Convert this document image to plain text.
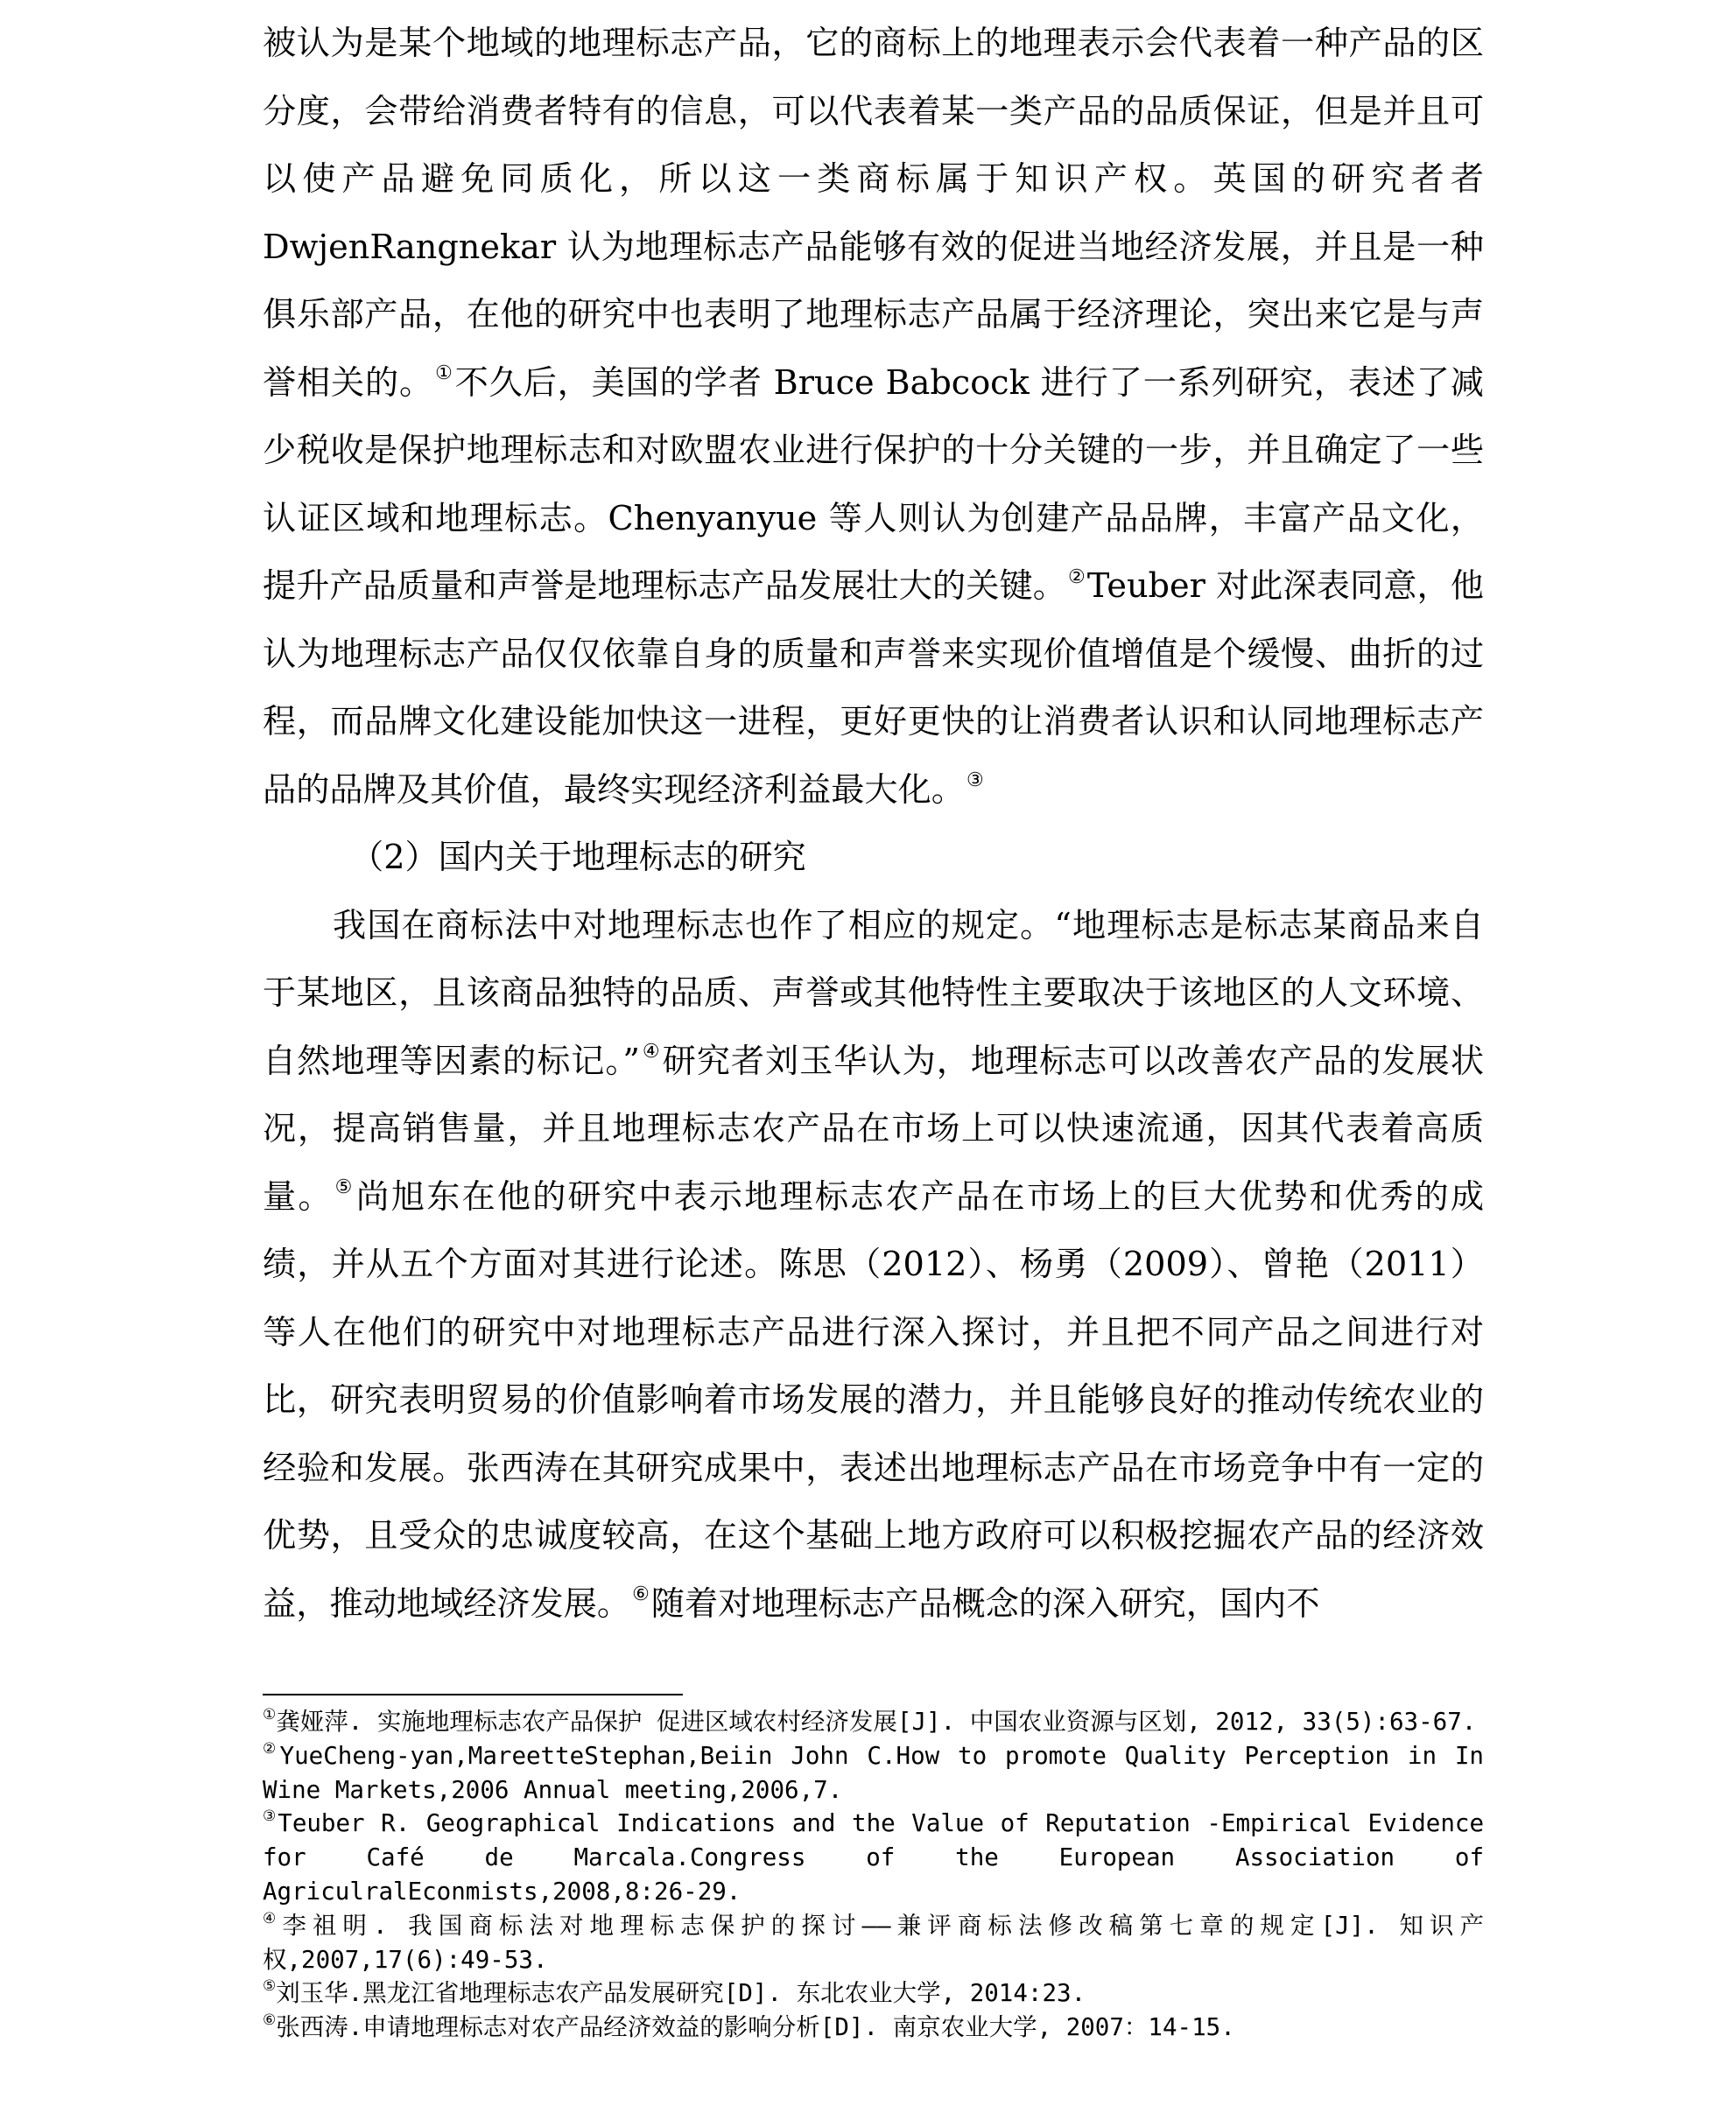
被认为是某个地域的地理标志产品，它的商标上的地理表示会代表着一种产品的区分度，会带给消费者特有的信息，可以代表着某一类产品的品质保证，但是并且可以使产品避免同质化，所以这一类商标属于知识产权。英国的研究者者DwjenRangnekar 认为地理标志产品能够有效的促进当地经济发展，并且是一种俱乐部产品，在他的研究中也表明了地理标志产品属于经济理论，突出来它是与声誉相关的。①不久后，美国的学者 Bruce Babcock 进行了一系列研究，表述了减少税收是保护地理标志和对欧盟农业进行保护的十分关键的一步，并且确定了一些认证区域和地理标志。Chenyanyue 等人则认为创建产品品牌，丰富产品文化，提升产品质量和声誉是地理标志产品发展壮大的关键。②Teuber 对此深表同意，他认为地理标志产品仅仅依靠自身的质量和声誉来实现价值增值是个缓慢、曲折的过程，而品牌文化建设能加快这一进程，更好更快的让消费者认识和认同地理标志产品的品牌及其价值，最终实现经济利益最大化。③

（2）国内关于地理标志的研究

我国在商标法中对地理标志也作了相应的规定。“地理标志是标志某商品来自于某地区，且该商品独特的品质、声誉或其他特性主要取决于该地区的人文环境、自然地理等因素的标记。”④研究者刘玉华认为，地理标志可以改善农产品的发展状况，提高销售量，并且地理标志农产品在市场上可以快速流通，因其代表着高质量。⑤尚旭东在他的研究中表示地理标志农产品在市场上的巨大优势和优秀的成绩，并从五个方面对其进行论述。陈思（2012）、杨勇（2009）、曾艳（2011）等人在他们的研究中对地理标志产品进行深入探讨，并且把不同产品之间进行对比，研究表明贸易的价值影响着市场发展的潜力，并且能够良好的推动传统农业的经验和发展。张西涛在其研究成果中，表述出地理标志产品在市场竞争中有一定的优势，且受众的忠诚度较高，在这个基础上地方政府可以积极挖掘农产品的经济效益，推动地域经济发展。⑥随着对地理标志产品概念的深入研究，国内不

①龚娅萍. 实施地理标志农产品保护 促进区域农村经济发展[J]. 中国农业资源与区划, 2012, 33(5):63-67.
②YueCheng-yan,MareetteStephan,Beiin John C.How to promote Quality Perception in In Wine Markets,2006 Annual meeting,2006,7.
③Teuber R. Geographical Indications and the Value of Reputation -Empirical Evidence for Café de Marcala.Congress of the European Association of AgriculralEconmists,2008,8:26-29.
④李祖明. 我国商标法对地理标志保护的探讨——兼评商标法修改稿第七章的规定[J]. 知识产权,2007,17(6):49-53.
⑤刘玉华.黑龙江省地理标志农产品发展研究[D]. 东北农业大学, 2014:23.
⑥张西涛.申请地理标志对农产品经济效益的影响分析[D]. 南京农业大学, 2007：14-15.
